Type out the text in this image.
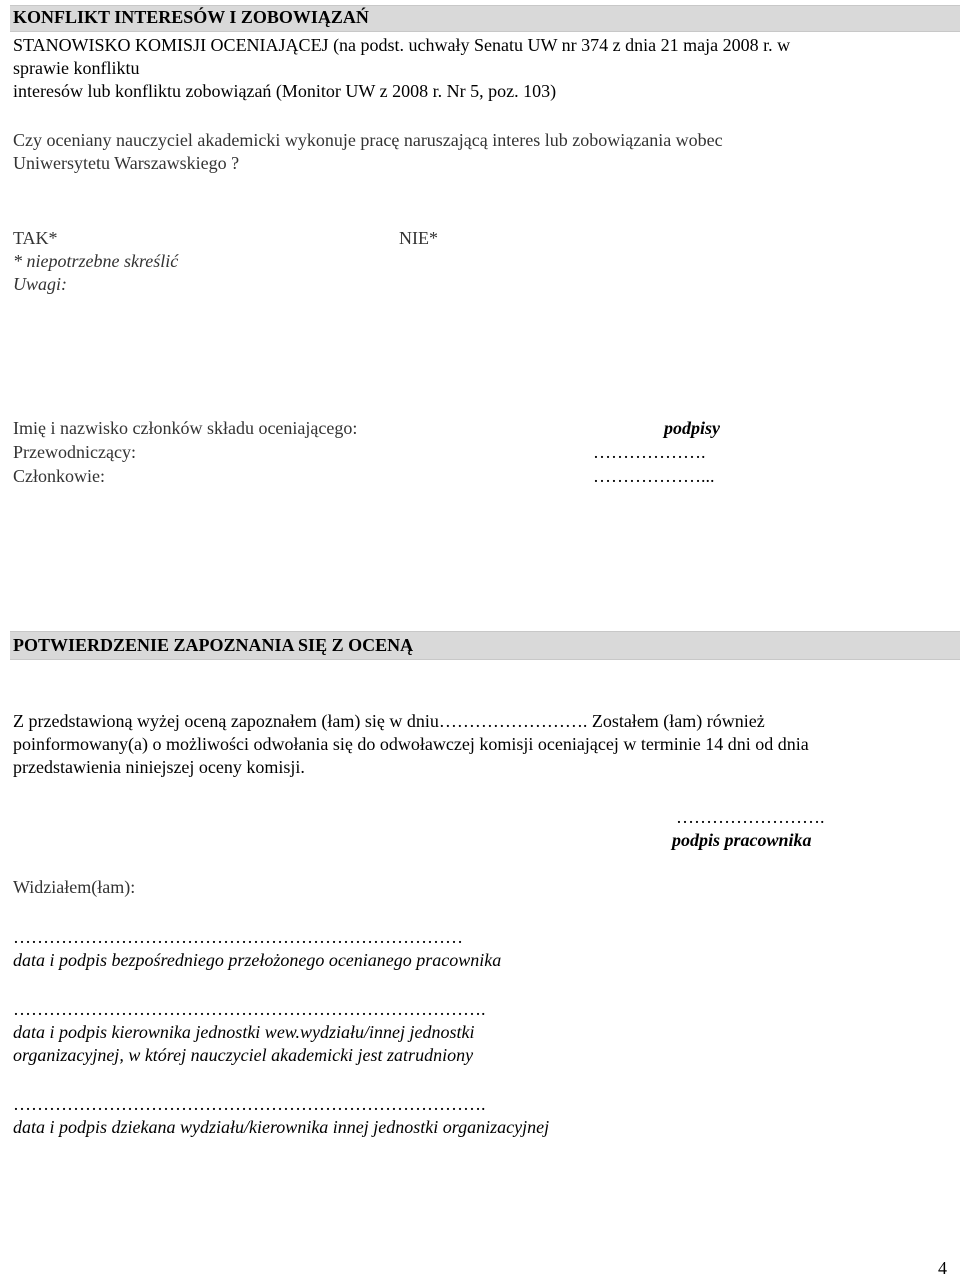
KONFLIKT INTERESÓW I ZOBOWIĄZAŃ
STANOWISKO KOMISJI OCENIAJĄCEJ (na podst. uchwały Senatu UW nr 374 z dnia 21 maja 2008 r. w
sprawie konfliktu
interesów lub konfliktu zobowiązań (Monitor UW z 2008 r. Nr 5, poz. 103)
Czy oceniany nauczyciel akademicki wykonuje pracę naruszającą interes lub zobowiązania wobec
Uniwersytetu Warszawskiego ?
TAK*	NIE*
* niepotrzebne skreślić
Uwagi:
Imię i nazwisko członków składu oceniającego:	podpisy
Przewodniczący:	……………….
Członkowie:	………………...
POTWIERDZENIE ZAPOZNANIA SIĘ Z OCENĄ
Z przedstawioną wyżej oceną zapoznałem (łam) się w dniu……………………. Zostałem (łam) również
poinformowany(a) o możliwości odwołania się do odwoławczej komisji oceniającej w terminie 14 dni od dnia
przedstawienia niniejszej oceny komisji.
…………………….
podpis pracownika
Widziałem(łam):
…………………………………………………………………
data i podpis bezpośredniego przełożonego ocenianego pracownika
…………………………………………………………………….
data i podpis kierownika jednostki wew.wydziału/innej jednostki
organizacyjnej, w której nauczyciel akademicki jest zatrudniony
…………………………………………………………………….
data i podpis dziekana wydziału/kierownika innej jednostki organizacyjnej
4
